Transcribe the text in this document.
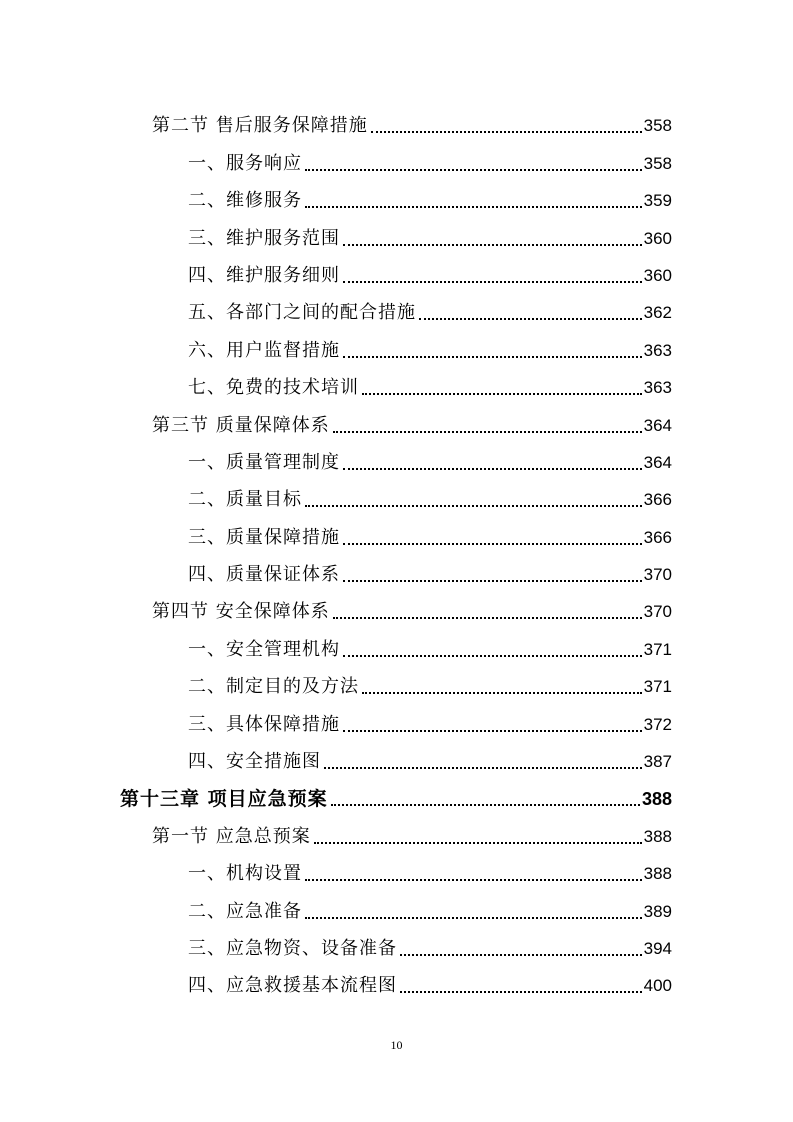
第二节 售后服务保障措施	358
一、服务响应	358
二、维修服务	359
三、维护服务范围	360
四、维护服务细则	360
五、各部门之间的配合措施	362
六、用户监督措施	363
七、免费的技术培训	363
第三节 质量保障体系	364
一、质量管理制度	364
二、质量目标	366
三、质量保障措施	366
四、质量保证体系	370
第四节 安全保障体系	370
一、安全管理机构	371
二、制定目的及方法	371
三、具体保障措施	372
四、安全措施图	387
第十三章 项目应急预案	388
第一节 应急总预案	388
一、机构设置	388
二、应急准备	389
三、应急物资、设备准备	394
四、应急救援基本流程图	400
10
